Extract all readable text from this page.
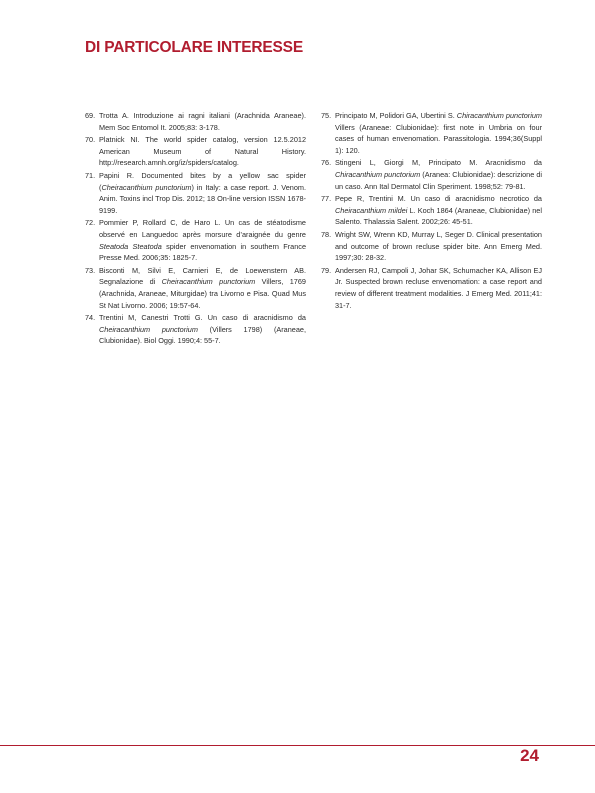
DI PARTICOLARE INTERESSE
69. Trotta A. Introduzione ai ragni italiani (Arachnida Araneae). Mem Soc Entomol It. 2005;83: 3-178.
70. Platnick NI. The world spider catalog, version 12.5.2012 American Museum of Natural History. http://research.amnh.org/iz/spiders/catalog.
71. Papini R. Documented bites by a yellow sac spider (Cheiracanthium punctorium) in Italy: a case report. J. Venom. Anim. Toxins incl Trop Dis. 2012; 18 On-line version ISSN 1678-9199.
72. Pommier P, Rollard C, de Haro L. Un cas de stéatodisme observé en Languedoc après morsure d’araignée du genre Steatoda Steatoda spider envenomation in southern France Presse Med. 2006;35: 1825-7.
73. Bisconti M, Silvi E, Carnieri E, de Loewenstern AB. Segnalazione di Cheiracanthium punctorium Villers, 1769 (Arachnida, Araneae, Miturgidae) tra Livorno e Pisa. Quad Mus St Nat Livorno. 2006; 19:57-64.
74. Trentini M, Canestri Trotti G. Un caso di aracnidismo da Cheiracanthium punctorium (Villers 1798) (Araneae, Clubionidae). Biol Oggi. 1990;4: 55-7.
75. Principato M, Polidori GA, Ubertini S. Chiracanthium punctorium Villers (Araneae: Clubionidae): first note in Umbria on four cases of human envenomation. Parassitologia. 1994;36(Suppl 1): 120.
76. Stingeni L, Giorgi M, Principato M. Aracnidismo da Chiracanthium punctorium (Aranea: Clubionidae): descrizione di un caso. Ann Ital Dermatol Clin Speriment. 1998;52: 79-81.
77. Pepe R, Trentini M. Un caso di aracnidismo necrotico da Cheiracanthium mildei L. Koch 1864 (Araneae, Clubionidae) nel Salento. Thalassia Salent. 2002;26: 45-51.
78. Wright SW, Wrenn KD, Murray L, Seger D. Clinical presentation and outcome of brown recluse spider bite. Ann Emerg Med. 1997;30: 28-32.
79. Andersen RJ, Campoli J, Johar SK, Schumacher KA, Allison EJ Jr. Suspected brown recluse envenomation: a case report and review of different treatment modalities. J Emerg Med. 2011;41: 31-7.
24
